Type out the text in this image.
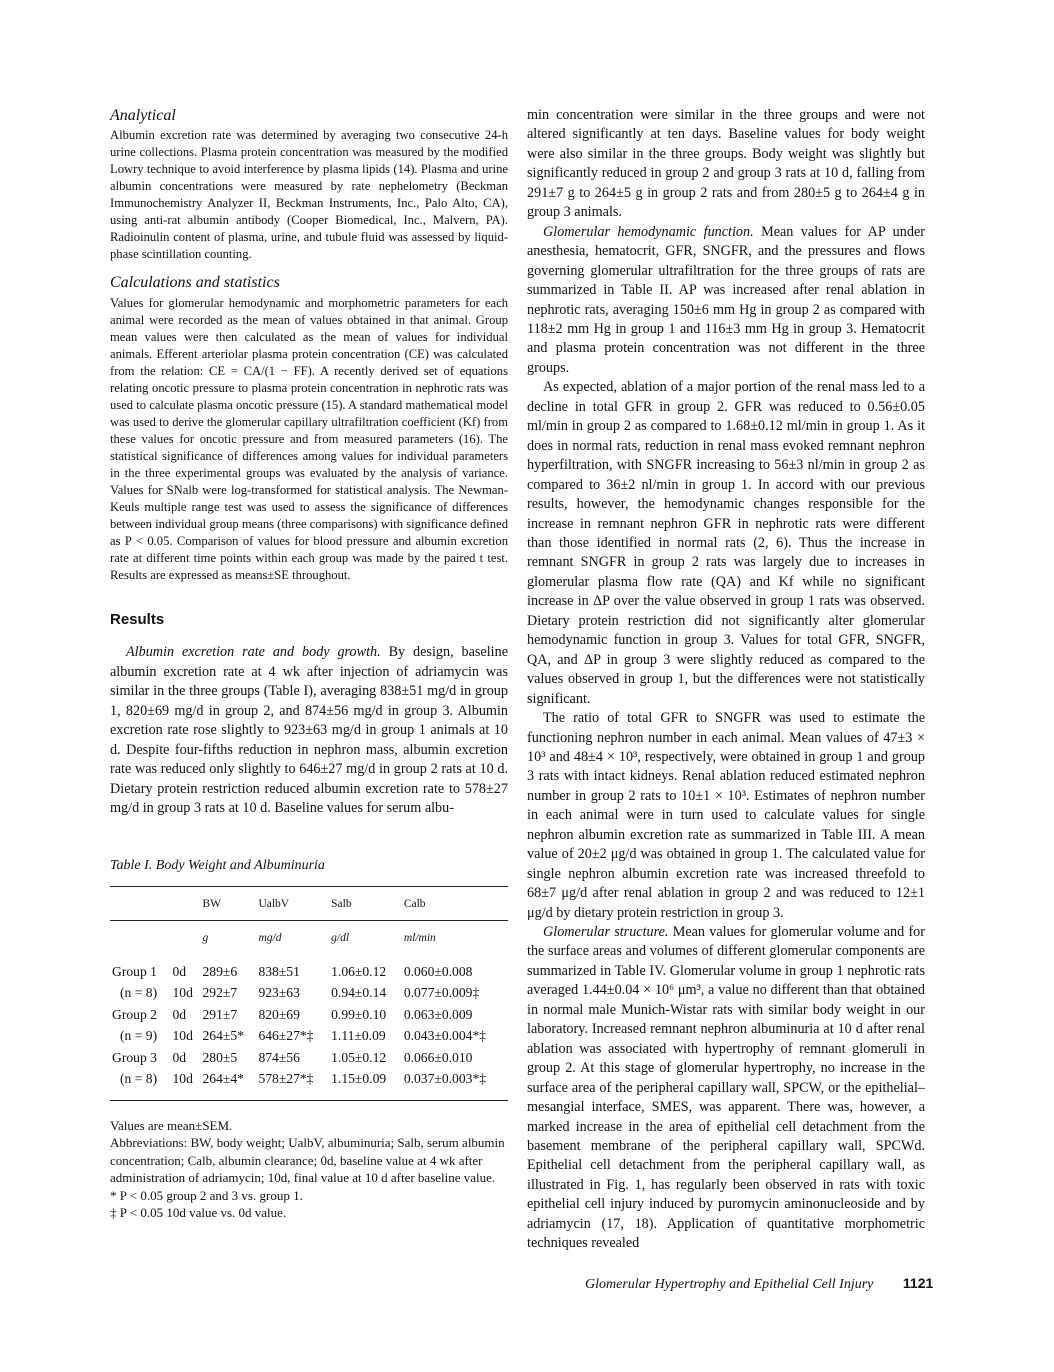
Analytical

Albumin excretion rate was determined by averaging two consecutive 24-h urine collections. Plasma protein concentration was measured by the modified Lowry technique to avoid interference by plasma lipids (14). Plasma and urine albumin concentrations were measured by rate nephelometry (Beckman Immunochemistry Analyzer II, Beckman Instruments, Inc., Palo Alto, CA), using anti-rat albumin antibody (Cooper Biomedical, Inc., Malvern, PA). Radioinulin content of plasma, urine, and tubule fluid was assessed by liquid-phase scintillation counting.

Calculations and statistics

Values for glomerular hemodynamic and morphometric parameters for each animal were recorded as the mean of values obtained in that animal. Group mean values were then calculated as the mean of values for individual animals. Efferent arteriolar plasma protein concentration (CE) was calculated from the relation: CE = CA/(1 − FF). A recently derived set of equations relating oncotic pressure to plasma protein concentration in nephrotic rats was used to calculate plasma oncotic pressure (15). A standard mathematical model was used to derive the glomerular capillary ultrafiltration coefficient (Kf) from these values for oncotic pressure and from measured parameters (16). The statistical significance of differences among values for individual parameters in the three experimental groups was evaluated by the analysis of variance. Values for SNalb were log-transformed for statistical analysis. The Newman-Keuls multiple range test was used to assess the significance of differences between individual group means (three comparisons) with significance defined as P < 0.05. Comparison of values for blood pressure and albumin excretion rate at different time points within each group was made by the paired t test. Results are expressed as means±SE throughout.

Results

Albumin excretion rate and body growth. By design, baseline albumin excretion rate at 4 wk after injection of adriamycin was similar in the three groups (Table I), averaging 838±51 mg/d in group 1, 820±69 mg/d in group 2, and 874±56 mg/d in group 3. Albumin excretion rate rose slightly to 923±63 mg/d in group 1 animals at 10 d. Despite four-fifths reduction in nephron mass, albumin excretion rate was reduced only slightly to 646±27 mg/d in group 2 rats at 10 d. Dietary protein restriction reduced albumin excretion rate to 578±27 mg/d in group 3 rats at 10 d. Baseline values for serum albu-

Table I. Body Weight and Albuminuria

		BW	UalbV	Salb	Calb
		g	mg/d	g/dl	ml/min
Group 1	0d	289±6	838±51	1.06±0.12	0.060±0.008
(n = 8)	10d	292±7	923±63	0.94±0.14	0.077±0.009‡
Group 2	0d	291±7	820±69	0.99±0.10	0.063±0.009
(n = 9)	10d	264±5*	646±27*‡	1.11±0.09	0.043±0.004*‡
Group 3	0d	280±5	874±56	1.05±0.12	0.066±0.010
(n = 8)	10d	264±4*	578±27*‡	1.15±0.09	0.037±0.003*‡

Values are mean±SEM.

Abbreviations: BW, body weight; UalbV, albuminuria; Salb, serum albumin concentration; Calb, albumin clearance; 0d, baseline value at 4 wk after administration of adriamycin; 10d, final value at 10 d after baseline value.

* P < 0.05 group 2 and 3 vs. group 1.

‡ P < 0.05 10d value vs. 0d value.

min concentration were similar in the three groups and were not altered significantly at ten days. Baseline values for body weight were also similar in the three groups. Body weight was slightly but significantly reduced in group 2 and group 3 rats at 10 d, falling from 291±7 g to 264±5 g in group 2 rats and from 280±5 g to 264±4 g in group 3 animals.

Glomerular hemodynamic function. Mean values for AP under anesthesia, hematocrit, GFR, SNGFR, and the pressures and flows governing glomerular ultrafiltration for the three groups of rats are summarized in Table II. AP was increased after renal ablation in nephrotic rats, averaging 150±6 mm Hg in group 2 as compared with 118±2 mm Hg in group 1 and 116±3 mm Hg in group 3. Hematocrit and plasma protein concentration was not different in the three groups.

As expected, ablation of a major portion of the renal mass led to a decline in total GFR in group 2. GFR was reduced to 0.56±0.05 ml/min in group 2 as compared to 1.68±0.12 ml/min in group 1. As it does in normal rats, reduction in renal mass evoked remnant nephron hyperfiltration, with SNGFR increasing to 56±3 nl/min in group 2 as compared to 36±2 nl/min in group 1. In accord with our previous results, however, the hemodynamic changes responsible for the increase in remnant nephron GFR in nephrotic rats were different than those identified in normal rats (2, 6). Thus the increase in remnant SNGFR in group 2 rats was largely due to increases in glomerular plasma flow rate (QA) and Kf while no significant increase in ΔP over the value observed in group 1 rats was observed. Dietary protein restriction did not significantly alter glomerular hemodynamic function in group 3. Values for total GFR, SNGFR, QA, and ΔP in group 3 were slightly reduced as compared to the values observed in group 1, but the differences were not statistically significant.

The ratio of total GFR to SNGFR was used to estimate the functioning nephron number in each animal. Mean values of 47±3 × 10³ and 48±4 × 10³, respectively, were obtained in group 1 and group 3 rats with intact kidneys. Renal ablation reduced estimated nephron number in group 2 rats to 10±1 × 10³. Estimates of nephron number in each animal were in turn used to calculate values for single nephron albumin excretion rate as summarized in Table III. A mean value of 20±2 μg/d was obtained in group 1. The calculated value for single nephron albumin excretion rate was increased threefold to 68±7 μg/d after renal ablation in group 2 and was reduced to 12±1 μg/d by dietary protein restriction in group 3.

Glomerular structure. Mean values for glomerular volume and for the surface areas and volumes of different glomerular components are summarized in Table IV. Glomerular volume in group 1 nephrotic rats averaged 1.44±0.04 × 10⁶ μm³, a value no different than that obtained in normal male Munich-Wistar rats with similar body weight in our laboratory. Increased remnant nephron albuminuria at 10 d after renal ablation was associated with hypertrophy of remnant glomeruli in group 2. At this stage of glomerular hypertrophy, no increase in the surface area of the peripheral capillary wall, SPCW, or the epithelial–mesangial interface, SMES, was apparent. There was, however, a marked increase in the area of epithelial cell detachment from the basement membrane of the peripheral capillary wall, SPCWd. Epithelial cell detachment from the peripheral capillary wall, as illustrated in Fig. 1, has regularly been observed in rats with toxic epithelial cell injury induced by puromycin aminonucleoside and by adriamycin (17, 18). Application of quantitative morphometric techniques revealed

Glomerular Hypertrophy and Epithelial Cell Injury 1121
